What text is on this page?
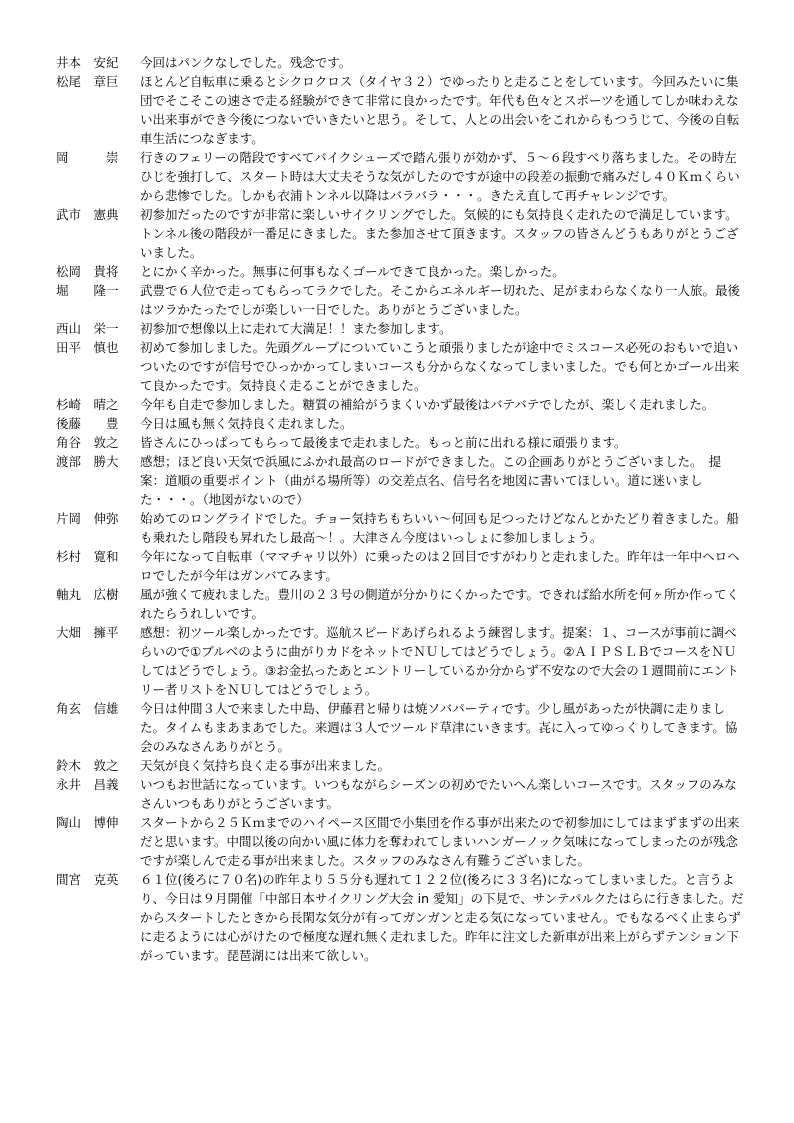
井本　安紀	今回はパンクなしでした。残念です。
松尾　章巨	ほとんど自転車に乗るとシクロクロス（タイヤ３２）でゆったりと走ることをしています。今回みたいに集団でそこそこの速さで走る経験ができて非常に良かったです。年代も色々とスポーツを通してしか味わえない出来事ができ今後につないでいきたいと思う。そして、人との出会いをこれからもつうじて、今後の自転車生活につなぎます。
岡　　　崇	行きのフェリーの階段ですべてバイクシューズで踏ん張りが効かず、５～６段すべり落ちました。その時左ひじを強打して、スタート時は大丈夫そうな気がしたのですが途中の段差の振動で痛みだし４０Ｋｍくらいから悲惨でした。しかも衣浦トンネル以降はバラバラ・・・。きたえ直して再チャレンジです。
武市　憲典	初参加だったのですが非常に楽しいサイクリングでした。気候的にも気持良く走れたので満足しています。トンネル後の階段が一番足にきました。また参加させて頂きます。スタッフの皆さんどうもありがとうございました。
松岡　貴将	とにかく辛かった。無事に何事もなくゴールできて良かった。楽しかった。
堀　　隆一	武豊で６人位で走ってもらってラクでした。そこからエネルギー切れた、足がまわらなくなり一人旅。最後はツラかたったでしが楽しい一日でした。ありがとうございました。
西山　栄一	初参加で想像以上に走れて大満足！！また参加します。
田平　慎也	初めて参加しました。先頭グループについていこうと頑張りましたが途中でミスコース必死のおもいで追いついたのですが信号でひっかかってしまいコースも分からなくなってしまいました。でも何とかゴール出来て良かったです。気持良く走ることができました。
杉崎　晴之	今年も自走で参加しました。糖質の補給がうまくいかず最後はバテバテでしたが、楽しく走れました。
後藤　　豊	今日は風も無く気持良く走れました。
角谷　敦之	皆さんにひっぱってもらって最後まで走れました。もっと前に出れる様に頑張ります。
渡部　勝大	感想；ほど良い天気で浜風にふかれ最高のロードができました。この企画ありがとうございました。　提案：道順の重要ポイント（曲がる場所等）の交差点名、信号名を地図に書いてほしい。道に迷いました・・・。（地図がないので）
片岡　伸弥	始めてのロングライドでした。チョー気持ちもちいい～何回も足つったけどなんとかたどり着きました。船も乗れたし階段も昇れたし最高～！。大津さん今度はいっしょに参加しましょう。
杉村　寛和	今年になって自転車（ママチャリ以外）に乗ったのは２回目ですがわりと走れました。昨年は一年中ヘロヘロでしたが今年はガンバてみます。
軸丸　広樹	風が強くて疲れました。豊川の２３号の側道が分かりにくかったです。できれば給水所を何ヶ所か作ってくれたらうれしいです。
大畑　擁平	感想：初ツール楽しかったです。巡航スピードあげられるよう練習します。提案：１、コースが事前に調べらいので①ブルベのように曲がりカドをネットでＮＵしてはどうでしょう。②ＡＩＰＳＬＢでコースをＮＵしてはどうでしょう。③お金払ったあとエントリーしているか分からず不安なので大会の１週間前にエントリー者リストをＮＵしてはどうでしょう。
角玄　信雄	今日は仲間３人で来ました中島、伊藤君と帰りは焼ソバパーティです。少し風があったが快調に走りました。タイムもまあまあでした。来週は３人でツールド草津にいきます。㐂に入ってゆっくりしてきます。協会のみなさんありがとう。
鈴木　敦之	天気が良く気持ち良く走る事が出来ました。
永井　昌義	いつもお世話になっています。いつもながらシーズンの初めでたいへん楽しいコースです。スタッフのみなさんいつもありがとうございます。
陶山　博伸	スタートから２５Ｋｍまでのハイペース区間で小集団を作る事が出来たので初参加にしてはまずまずの出来だと思います。中間以後の向かい風に体力を奪われてしまいハンガーノック気味になってしまったのが残念ですが楽しんで走る事が出来ました。スタッフのみなさん有難うございました。
間宮　克英	６１位(後ろに７０名)の昨年より５５分も遅れて１２２位(後ろに３３名)になってしまいました。と言うより、今日は９月開催「中部日本サイクリング大会 in 愛知」の下見で、サンテパルクたはらに行きました。だからスタートしたときから長閑な気分が有ってガンガンと走る気になっていません。でもなるべく止まらずに走るようには心がけたので極度な遅れ無く走れました。昨年に注文した新車が出来上がらずテンション下がっています。琵琶湖には出来て欲しい。
